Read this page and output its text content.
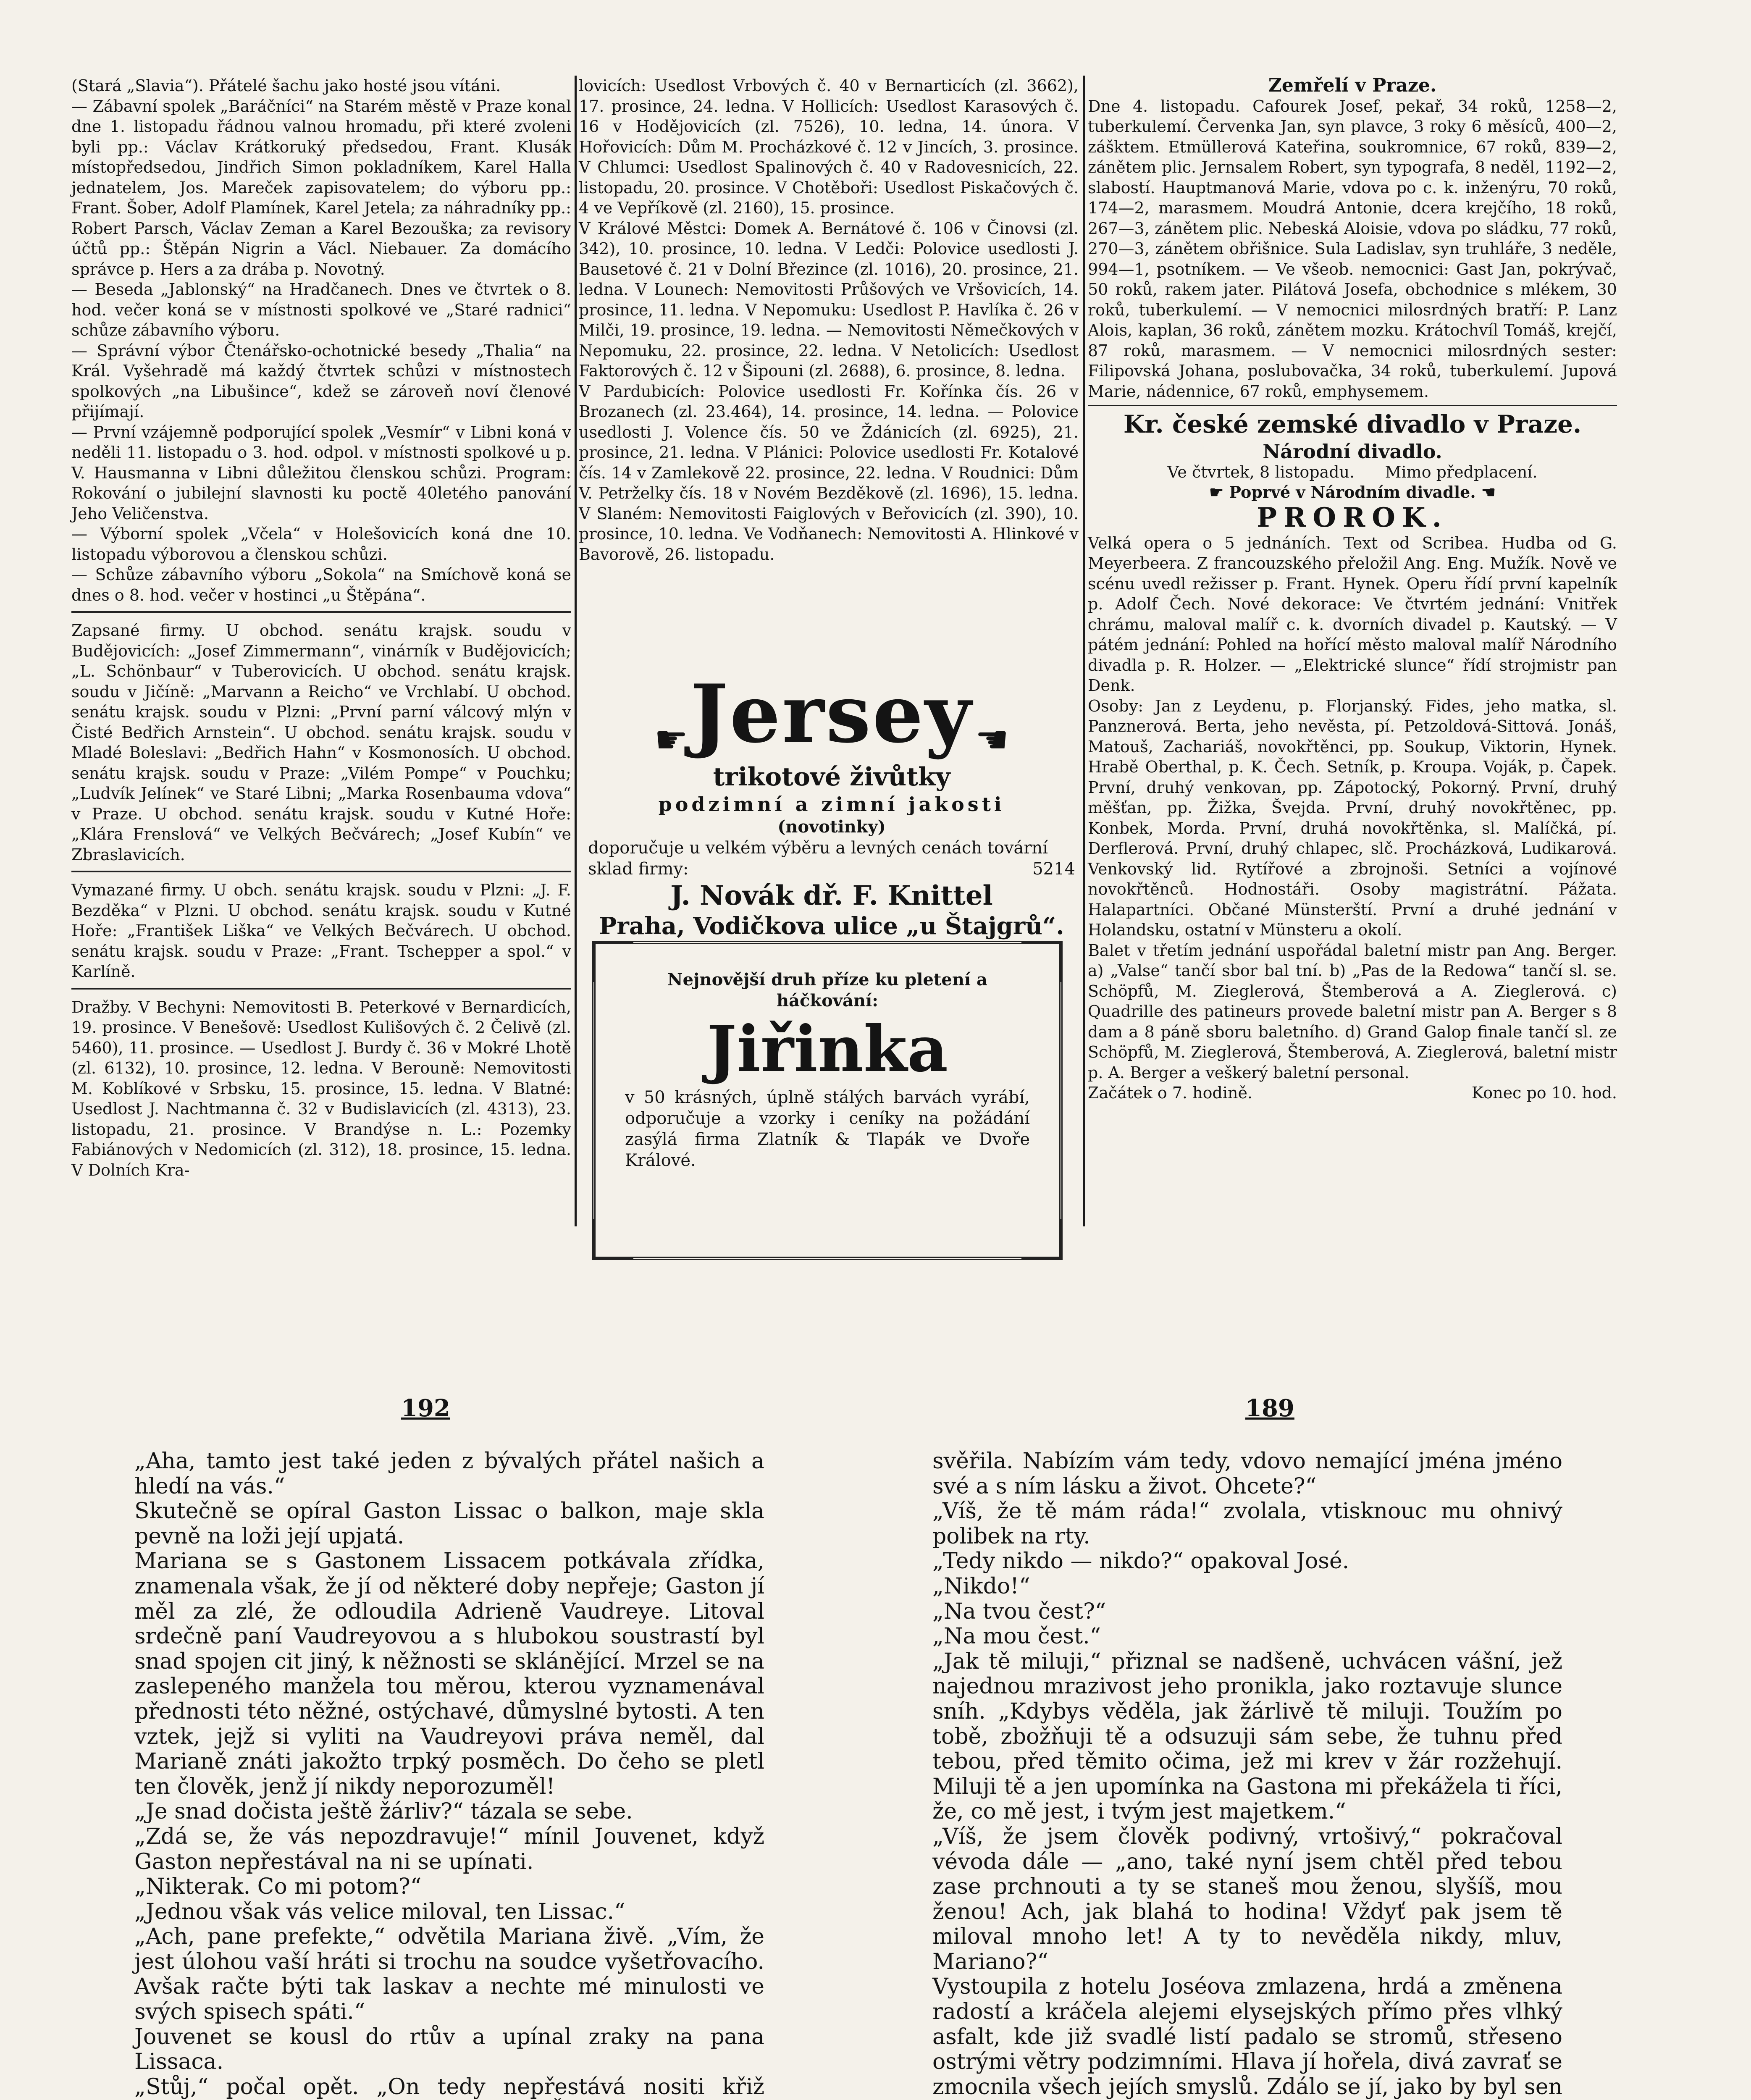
(Stará „Slavia“). Přátelé šachu jako hosté jsou vítáni.

— Zábavní spolek „Baráčníci“ na Starém městě v Praze konal dne 1. listopadu řádnou valnou hromadu, při které zvoleni byli pp.: Václav Krátkoruký předsedou, Frant. Klusák místopředsedou, Jindřich Simon pokladníkem, Karel Halla jednatelem, Jos. Mareček zapisovatelem; do výboru pp.: Frant. Šober, Adolf Plamínek, Karel Jetela; za náhradníky pp.: Robert Parsch, Václav Zeman a Karel Bezouška; za revisory účtů pp.: Štěpán Nigrin a Václ. Niebauer. Za domácího správce p. Hers a za drába p. Novotný.

— Beseda „Jablonský“ na Hradčanech. Dnes ve čtvrtek o 8. hod. večer koná se v místnosti spolkové ve „Staré radnici“ schůze zábavního výboru.

— Správní výbor Čtenářsko-ochotnické besedy „Thalia“ na Král. Vyšehradě má každý čtvrtek schůzi v místnostech spolkových „na Libušince“, kdež se zároveň noví členové přijímají.

— První vzájemně podporující spolek „Vesmír“ v Libni koná v neděli 11. listopadu o 3. hod. odpol. v místnosti spolkové u p. V. Hausmanna v Libni důležitou členskou schůzi. Program: Rokování o jubilejní slavnosti ku poctě 40letého panování Jeho Veličenstva.

— Výborní spolek „Včela“ v Holešovicích koná dne 10. listopadu výborovou a členskou schůzi.

— Schůze zábavního výboru „Sokola“ na Smíchově koná se dnes o 8. hod. večer v hostinci „u Štěpána“.

Zapsané firmy. U obchod. senátu krajsk. soudu v Budějovicích: „Josef Zimmermann“, vinárník v Budějovicích; „L. Schönbaur“ v Tuberovicích. U obchod. senátu krajsk. soudu v Jičíně: „Marvann a Reicho“ ve Vrchlabí. U obchod. senátu krajsk. soudu v Plzni: „První parní válcový mlýn v Čisté Bedřich Arnstein“. U obchod. senátu krajsk. soudu v Mladé Boleslavi: „Bedřich Hahn“ v Kosmonosích. U obchod. senátu krajsk. soudu v Praze: „Vilém Pompe“ v Pouchku; „Ludvík Jelínek“ ve Staré Libni; „Marka Rosenbauma vdova“ v Praze. U obchod. senátu krajsk. soudu v Kutné Hoře: „Klára Frenslová“ ve Velkých Bečvárech; „Josef Kubín“ ve Zbraslavicích.

Vymazané firmy. U obch. senátu krajsk. soudu v Plzni: „J. F. Bezděka“ v Plzni. U obchod. senátu krajsk. soudu v Kutné Hoře: „František Liška“ ve Velkých Bečvárech. U obchod. senátu krajsk. soudu v Praze: „Frant. Tschepper a spol.“ v Karlíně.

Dražby. V Bechyni: Nemovitosti B. Peterkové v Bernardicích, 19. prosince. V Benešově: Usedlost Kulišových č. 2 Čelivě (zl. 5460), 11. prosince. — Usedlost J. Burdy č. 36 v Mokré Lhotě (zl. 6132), 10. prosince, 12. ledna. V Berouně: Nemovitosti M. Koblíkové v Srbsku, 15. prosince, 15. ledna. V Blatné: Usedlost J. Nachtmanna č. 32 v Budislavicích (zl. 4313), 23. listopadu, 21. prosince. V Brandýse n. L.: Pozemky Fabiánových v Nedomicích (zl. 312), 18. prosince, 15. ledna. V Dolních Kra-

lovicích: Usedlost Vrbových č. 40 v Bernarticích (zl. 3662), 17. prosince, 24. ledna. V Hollicích: Usedlost Karasových č. 16 v Hodějovicích (zl. 7526), 10. ledna, 14. února. V Hořovicích: Dům M. Procházkové č. 12 v Jincích, 3. prosince. V Chlumci: Usedlost Spalinových č. 40 v Radovesnicích, 22. listopadu, 20. prosince. V Chotěboři: Usedlost Piskačových č. 4 ve Vepříkově (zl. 2160), 15. prosince.

V Králové Městci: Domek A. Bernátové č. 106 v Činovsi (zl. 342), 10. prosince, 10. ledna. V Ledči: Polovice usedlosti J. Bausetové č. 21 v Dolní Březince (zl. 1016), 20. prosince, 21. ledna. V Lounech: Nemovitosti Průšových ve Vršovicích, 14. prosince, 11. ledna. V Nepomuku: Usedlost P. Havlíka č. 26 v Milči, 19. prosince, 19. ledna. — Nemovitosti Němečkových v Nepomuku, 22. prosince, 22. ledna. V Netolicích: Usedlost Faktorových č. 12 v Šipouni (zl. 2688), 6. prosince, 8. ledna.

V Pardubicích: Polovice usedlosti Fr. Kořínka čís. 26 v Brozanech (zl. 23.464), 14. prosince, 14. ledna. — Polovice usedlosti J. Volence čís. 50 ve Ždánicích (zl. 6925), 21. prosince, 21. ledna. V Plánici: Polovice usedlosti Fr. Kotalové čís. 14 v Zamlekově 22. prosince, 22. ledna. V Roudnici: Dům V. Petrželky čís. 18 v Novém Bezděkově (zl. 1696), 15. ledna. V Slaném: Nemovitosti Faiglových v Beřovicích (zl. 390), 10. prosince, 10. ledna. Ve Vodňanech: Nemovitosti A. Hlinkové v Bavorově, 26. listopadu.

☛ Jersey ☚
trikotové živůtky
podzimní a zimní jakosti
(novotinky)
doporučuje u velkém výběru a levných cenách tovární sklad firmy:	5214
J. Novák dř. F. Knittel
Praha, Vodičkova ulice „u Štajgrů“.
Nejnovější druh příze ku pletení a háčkování:
Jiřinka
v 50 krásných, úplně stálých barvách vyrábí, odporučuje a vzorky i ceníky na požádání zasýlá firma Zlatník & Tlapák ve Dvoře Králové.

Zemřelí v Praze.

Dne 4. listopadu. Cafourek Josef, pekař, 34 roků, 1258—2, tuberkulemí. Červenka Jan, syn plavce, 3 roky 6 měsíců, 400—2, zášktem. Etmüllerová Kateřina, soukromnice, 67 roků, 839—2, zánětem plic. Jernsalem Robert, syn typografa, 8 neděl, 1192—2, slabostí. Hauptmanová Marie, vdova po c. k. inženýru, 70 roků, 174—2, marasmem. Moudrá Antonie, dcera krejčího, 18 roků, 267—3, zánětem plic. Nebeská Aloisie, vdova po sládku, 77 roků, 270—3, zánětem obřišnice. Sula Ladislav, syn truhláře, 3 neděle, 994—1, psotníkem. — Ve všeob. nemocnici: Gast Jan, pokrývač, 50 roků, rakem jater. Pilátová Josefa, obchodnice s mlékem, 30 roků, tuberkulemí. — V nemocnici milosrdných bratří: P. Lanz Alois, kaplan, 36 roků, zánětem mozku. Krátochvíl Tomáš, krejčí, 87 roků, marasmem. — V nemocnici milosrdných sester: Filipovská Johana, poslubovačka, 34 roků, tuberkulemí. Jupová Marie, nádennice, 67 roků, emphysemem.

Kr. české zemské divadlo v Praze.

Národní divadlo.

Ve čtvrtek, 8 listopadu.      Mimo předplacení.

☛ Poprvé v Národním divadle. ☚

PROROK.

Velká opera o 5 jednáních. Text od Scribea. Hudba od G. Meyerbeera. Z francouzského přeložil Ang. Eng. Mužík. Nově ve scénu uvedl režisser p. Frant. Hynek. Operu řídí první kapelník p. Adolf Čech. Nové dekorace: Ve čtvrtém jednání: Vnitřek chrámu, maloval malíř c. k. dvorních divadel p. Kautský. — V pátém jednání: Pohled na hořící město maloval malíř Národního divadla p. R. Holzer. — „Elektrické slunce“ řídí strojmistr pan Denk.

Osoby: Jan z Leydenu, p. Florjanský. Fides, jeho matka, sl. Panznerová. Berta, jeho nevěsta, pí. Petzoldová-Sittová. Jonáš, Matouš, Zachariáš, novokřtěnci, pp. Soukup, Viktorin, Hynek. Hrabě Oberthal, p. K. Čech. Setník, p. Kroupa. Voják, p. Čapek. První, druhý venkovan, pp. Zápotocký, Pokorný. První, druhý měšťan, pp. Žižka, Švejda. První, druhý novokřtěnec, pp. Konbek, Morda. První, druhá novokřtěnka, sl. Malíčká, pí. Derflerová. První, druhý chlapec, slč. Procházková, Ludikarová. Venkovský lid. Rytířové a zbrojnoši. Setníci a vojínové novokřtěnců. Hodnostáři. Osoby magistrátní. Pážata. Halapartníci. Občané Münsterští. První a druhé jednání v Holandsku, ostatní v Münsteru a okolí.

Balet v třetím jednání uspořádal baletní mistr pan Ang. Berger. a) „Valse“ tančí sbor bal tní. b) „Pas de la Redowa“ tančí sl. se. Schöpfů, M. Zieglerová, Štemberová a A. Zieglerová. c) Quadrille des patineurs provede baletní mistr pan A. Berger s 8 dam a 8 páně sboru baletního. d) Grand Galop finale tančí sl. ze Schöpfů, M. Zieglerová, Štemberová, A. Zieglerová, baletní mistr p. A. Berger a veškerý baletní personal.

Začátek o 7. hodině.	Konec po 10. hod.

192	189

„Aha, tamto jest také jeden z bývalých přátel našich a hledí na vás.“

Skutečně se opíral Gaston Lissac o balkon, maje skla pevně na loži její upjatá.

Mariana se s Gastonem Lissacem potkávala zřídka, znamenala však, že jí od některé doby nepřeje; Gaston jí měl za zlé, že odloudila Adrieně Vaudreye. Litoval srdečně paní Vaudreyovou a s hlubokou soustrastí byl snad spojen cit jiný, k něžnosti se sklánějící. Mrzel se na zaslepeného manžela tou měrou, kterou vyznamenával přednosti této něžné, ostýchavé, důmyslné bytosti. A ten vztek, jejž si vyliti na Vaudreyovi práva neměl, dal Marianě znáti jakožto trpký posměch. Do čeho se pletl ten člověk, jenž jí nikdy neporozuměl!

„Je snad dočista ještě žárliv?“ tázala se sebe.

„Zdá se, že vás nepozdravuje!“ mínil Jouvenet, když Gaston nepřestával na ni se upínati.

„Nikterak. Co mi potom?“

„Jednou však vás velice miloval, ten Lissac.“

„Ach, pane prefekte,“ odvětila Mariana živě. „Vím, že jest úlohou vaší hráti si trochu na soudce vyšetřovacího. Avšak račte býti tak laskav a nechte mé minulosti ve svých spisech spáti.“

Jouvenet se kousl do rtův a upínal zraky na pana Lissaca.

„Stůj,“ počal opět. „On tedy nepřestává nositi křiž

svěřila. Nabízím vám tedy, vdovo nemající jména jméno své a s ním lásku a život. Ohcete?“

„Víš, že tě mám ráda!“ zvolala, vtisknouc mu ohnivý polibek na rty.

„Tedy nikdo — nikdo?“ opakoval José.

„Nikdo!“

„Na tvou čest?“

„Na mou čest.“

„Jak tě miluji,“ přiznal se nadšeně, uchvácen vášní, jež najednou mrazivost jeho pronikla, jako roztavuje slunce sníh. „Kdybys věděla, jak žárlivě tě miluji. Toužím po tobě, zbožňuji tě a odsuzuji sám sebe, že tuhnu před tebou, před těmito očima, jež mi krev v žár rozžehují. Miluji tě a jen upomínka na Gastona mi překážela ti říci, že, co mě jest, i tvým jest majetkem.“

„Víš, že jsem člověk podivný, vrtošivý,“ pokračoval vévoda dále — „ano, také nyní jsem chtěl před tebou zase prchnouti a ty se staneš mou ženou, slyšíš, mou ženou! Ach, jak blahá to hodina! Vždyť pak jsem tě miloval mnoho let! A ty to nevěděla nikdy, mluv, Mariano?“

Vystoupila z hotelu Joséova zmlazena, hrdá a změnena radostí a kráčela alejemi elysejských přímo přes vlhký asfalt, kde již svadlé listí padalo se stromů, střeseno ostrými větry podzimními. Hlava jí hořela, divá zavrať se zmocnila všech jejích smyslů. Zdálo se jí, jako by byl sen
